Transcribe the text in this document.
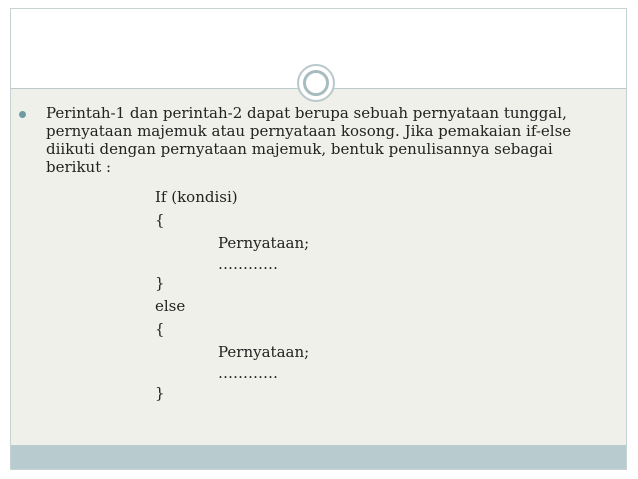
Perintah-1 dan perintah-2 dapat berupa sebuah pernyataan tunggal, pernyataan majemuk atau pernyataan kosong. Jika pemakaian if-else diikuti dengan pernyataan majemuk, bentuk penulisannya sebagai berikut :

If (kondisi)
{
Pernyataan;
…………
}
else
{
Pernyataan;
…………
}
